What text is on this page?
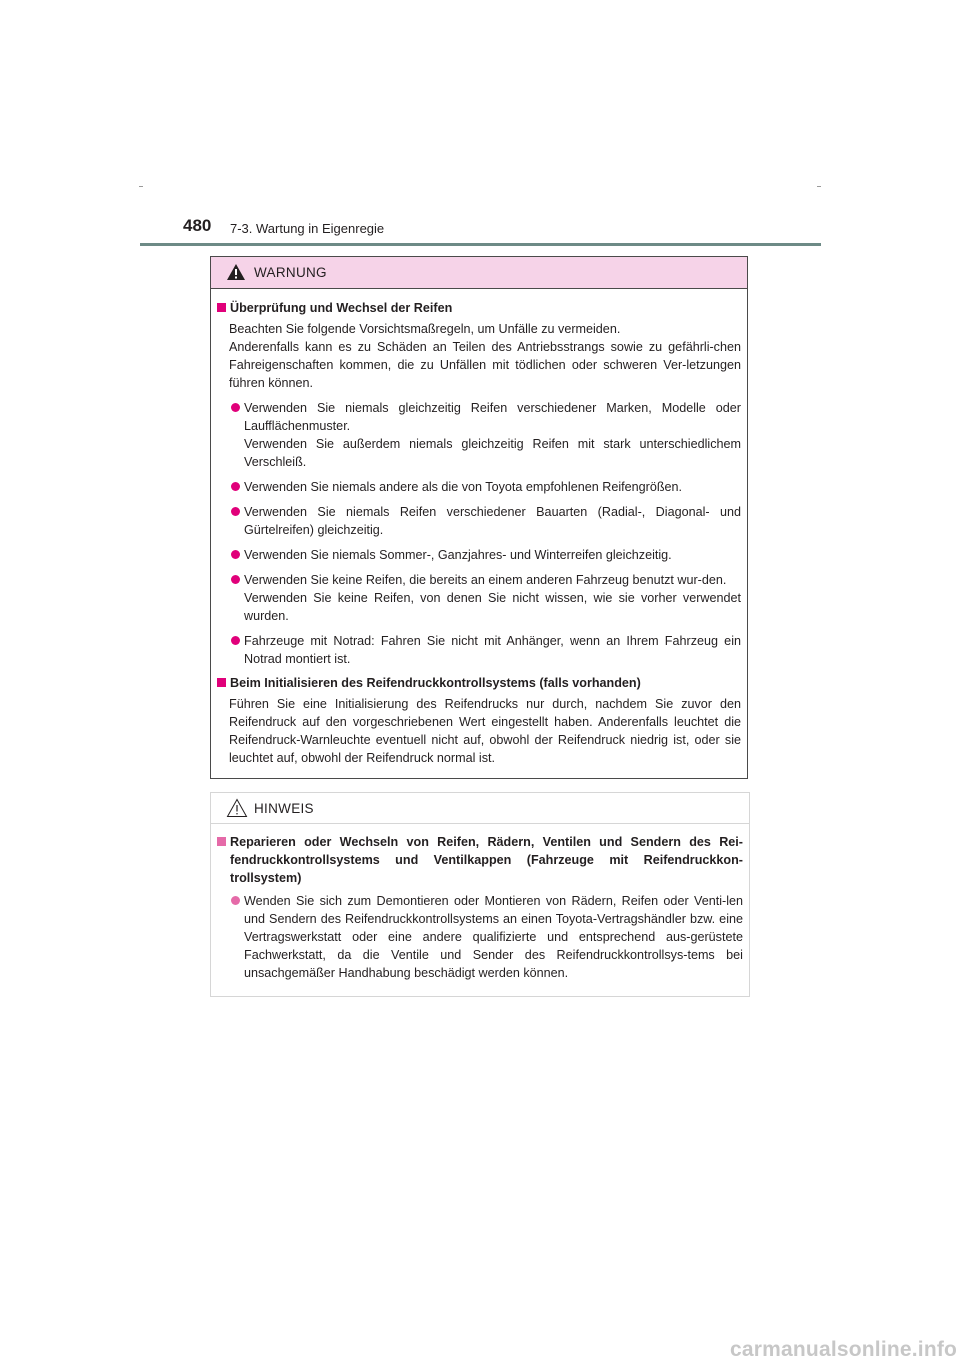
480 7-3. Wartung in Eigenregie
WARNUNG
Überprüfung und Wechsel der Reifen
Beachten Sie folgende Vorsichtsmaßregeln, um Unfälle zu vermeiden.
Anderenfalls kann es zu Schäden an Teilen des Antriebsstrangs sowie zu gefährli-chen Fahreigenschaften kommen, die zu Unfällen mit tödlichen oder schweren Ver-letzungen führen können.
Verwenden Sie niemals gleichzeitig Reifen verschiedener Marken, Modelle oder Laufflächenmuster.
Verwenden Sie außerdem niemals gleichzeitig Reifen mit stark unterschiedlichem Verschleiß.
Verwenden Sie niemals andere als die von Toyota empfohlenen Reifengrößen.
Verwenden Sie niemals Reifen verschiedener Bauarten (Radial-, Diagonal- und Gürtelreifen) gleichzeitig.
Verwenden Sie niemals Sommer-, Ganzjahres- und Winterreifen gleichzeitig.
Verwenden Sie keine Reifen, die bereits an einem anderen Fahrzeug benutzt wur-den.
Verwenden Sie keine Reifen, von denen Sie nicht wissen, wie sie vorher verwendet wurden.
Fahrzeuge mit Notrad: Fahren Sie nicht mit Anhänger, wenn an Ihrem Fahrzeug ein Notrad montiert ist.
Beim Initialisieren des Reifendruckkontrollsystems (falls vorhanden)
Führen Sie eine Initialisierung des Reifendrucks nur durch, nachdem Sie zuvor den Reifendruck auf den vorgeschriebenen Wert eingestellt haben. Anderenfalls leuchtet die Reifendruck-Warnleuchte eventuell nicht auf, obwohl der Reifendruck niedrig ist, oder sie leuchtet auf, obwohl der Reifendruck normal ist.
HINWEIS
Reparieren oder Wechseln von Reifen, Rädern, Ventilen und Sendern des Rei-fendruckkontrollsystems und Ventilkappen (Fahrzeuge mit Reifendruckkon-trollsystem)
Wenden Sie sich zum Demontieren oder Montieren von Rädern, Reifen oder Venti-len und Sendern des Reifendruckkontrollsystems an einen Toyota-Vertragshändler bzw. eine Vertragswerkstatt oder eine andere qualifizierte und entsprechend aus-gerüstete Fachwerkstatt, da die Ventile und Sender des Reifendruckkontrollsys-tems bei unsachgemäßer Handhabung beschädigt werden können.
carmanualsonline.info
